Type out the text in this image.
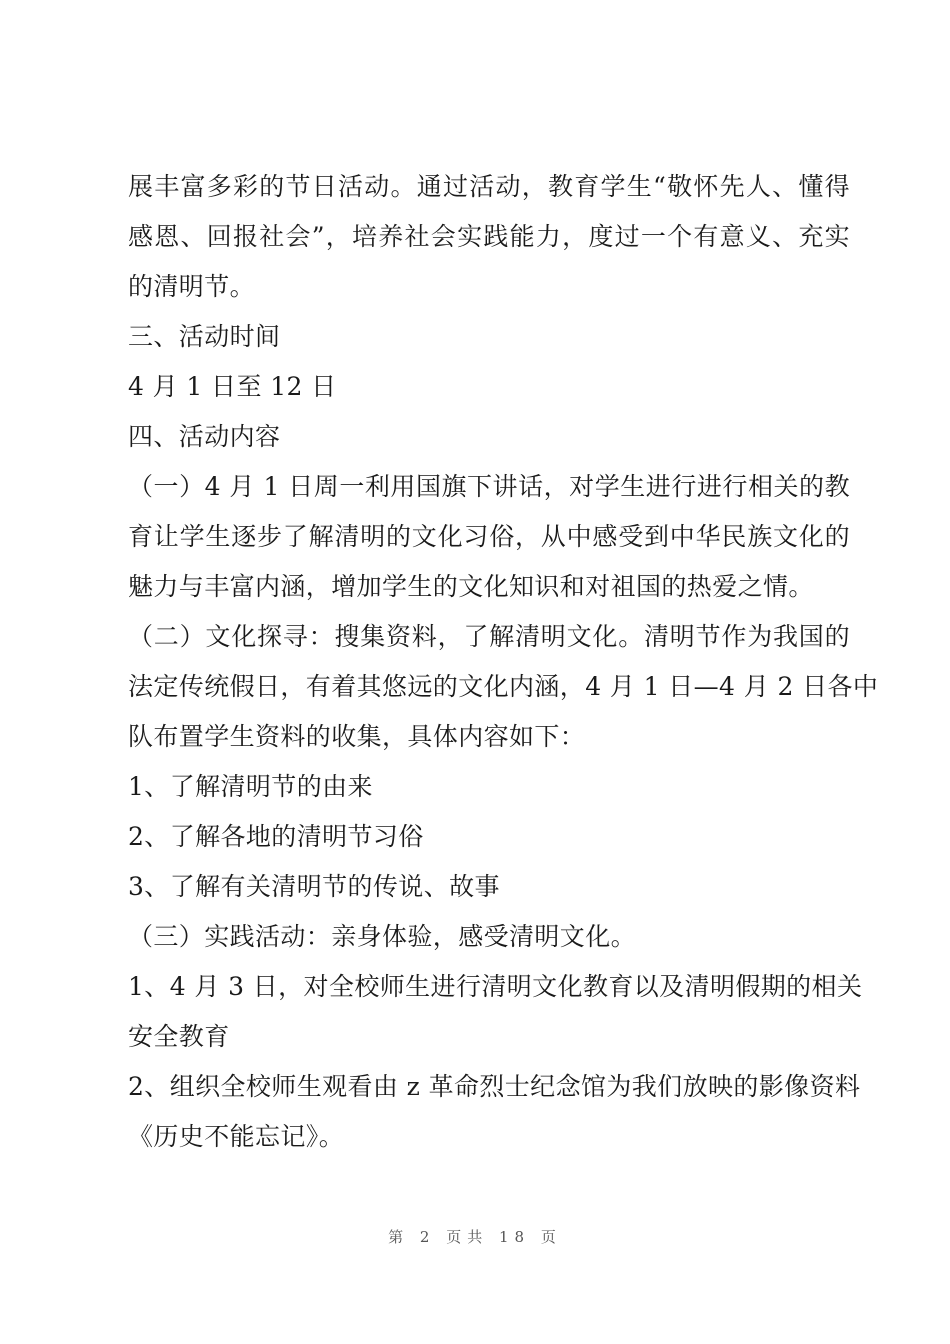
展丰富多彩的节日活动。通过活动，教育学生“敬怀先人、懂得
感恩、回报社会”，培养社会实践能力，度过一个有意义、充实
的清明节。
三、活动时间
4 月 1 日至 12 日
四、活动内容
（一）4 月 1 日周一利用国旗下讲话，对学生进行进行相关的教
育让学生逐步了解清明的文化习俗，从中感受到中华民族文化的
魅力与丰富内涵，增加学生的文化知识和对祖国的热爱之情。
（二）文化探寻：搜集资料，了解清明文化。清明节作为我国的
法定传统假日，有着其悠远的文化内涵，4 月 1 日—4 月 2 日各中
队布置学生资料的收集，具体内容如下：
1、了解清明节的由来
2、了解各地的清明节习俗
3、了解有关清明节的传说、故事
（三）实践活动：亲身体验，感受清明文化。
1、4 月 3 日，对全校师生进行清明文化教育以及清明假期的相关
安全教育
2、组织全校师生观看由 z 革命烈士纪念馆为我们放映的影像资料
《历史不能忘记》。
第 2 页共 18 页
